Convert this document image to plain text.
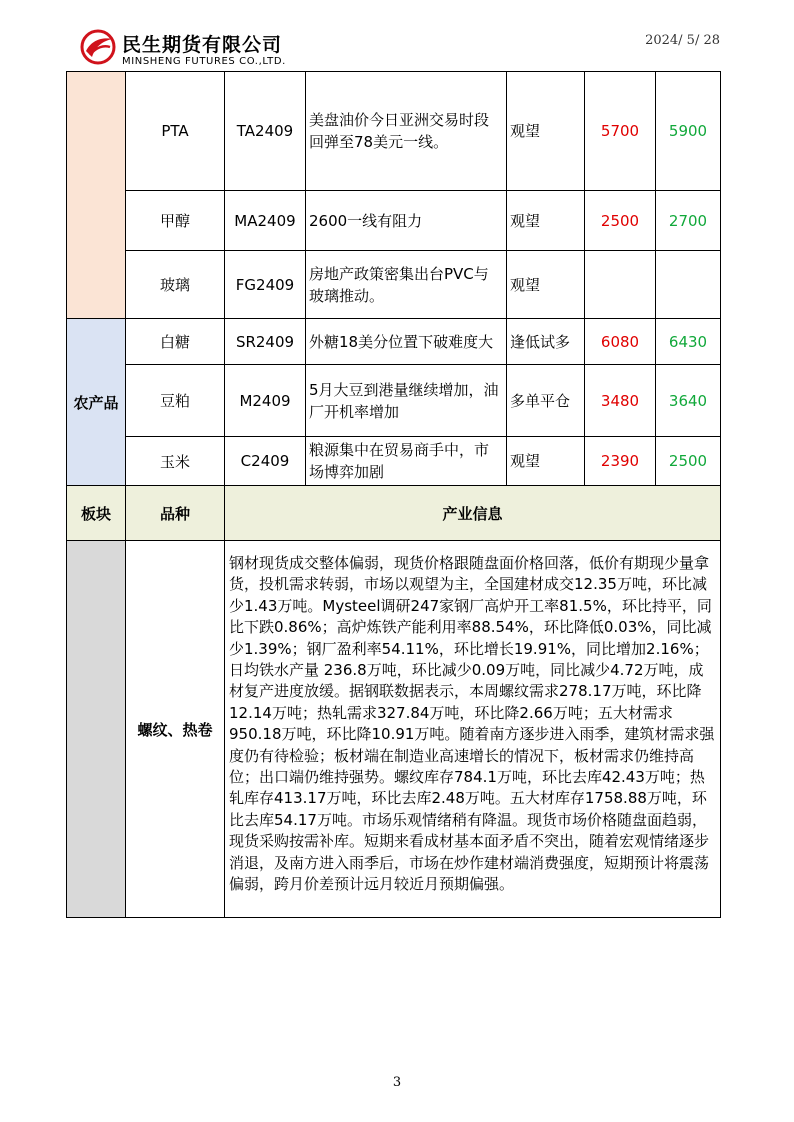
民生期货有限公司
MINSHENG FUTURES CO.,LTD.
2024/ 5/ 28
	PTA	TA2409	美盘油价今日亚洲交易时段回弹至78美元一线。	观望	5700	5900
	甲醇	MA2409	2600一线有阻力	观望	2500	2700
	玻璃	FG2409	房地产政策密集出台PVC与玻璃推动。	观望		
农产品	白糖	SR2409	外糖18美分位置下破难度大	逢低试多	6080	6430
	豆粕	M2409	5月大豆到港量继续增加，油厂开机率增加	多单平仓	3480	3640
	玉米	C2409	粮源集中在贸易商手中，市场博弈加剧	观望	2390	2500
板块	品种	产业信息				
	螺纹、热卷	钢材现货成交整体偏弱，现货价格跟随盘面价格回落，低价有期现少量拿货，投机需求转弱，市场以观望为主，全国建材成交12.35万吨，环比减少1.43万吨。Mysteel调研247家钢厂高炉开工率81.5%，环比持平，同比下跌0.86%；高炉炼铁产能利用率88.54%，环比降低0.03%，同比减少1.39%；钢厂盈利率54.11%，环比增长19.91%，同比增加2.16%；日均铁水产量 236.8万吨，环比减少0.09万吨，同比减少4.72万吨，成材复产进度放缓。据钢联数据表示，本周螺纹需求278.17万吨，环比降12.14万吨；热轧需求327.84万吨，环比降2.66万吨；五大材需求950.18万吨，环比降10.91万吨。随着南方逐步进入雨季，建筑材需求强度仍有待检验；板材端在制造业高速增长的情况下，板材需求仍维持高位；出口端仍维持强势。螺纹库存784.1万吨，环比去库42.43万吨；热轧库存413.17万吨，环比去库2.48万吨。五大材库存1758.88万吨，环比去库54.17万吨。市场乐观情绪稍有降温。现货市场价格随盘面趋弱，现货采购按需补库。短期来看成材基本面矛盾不突出，随着宏观情绪逐步消退，及南方进入雨季后，市场在炒作建材端消费强度，短期预计将震荡偏弱，跨月价差预计远月较近月预期偏强。				
3
